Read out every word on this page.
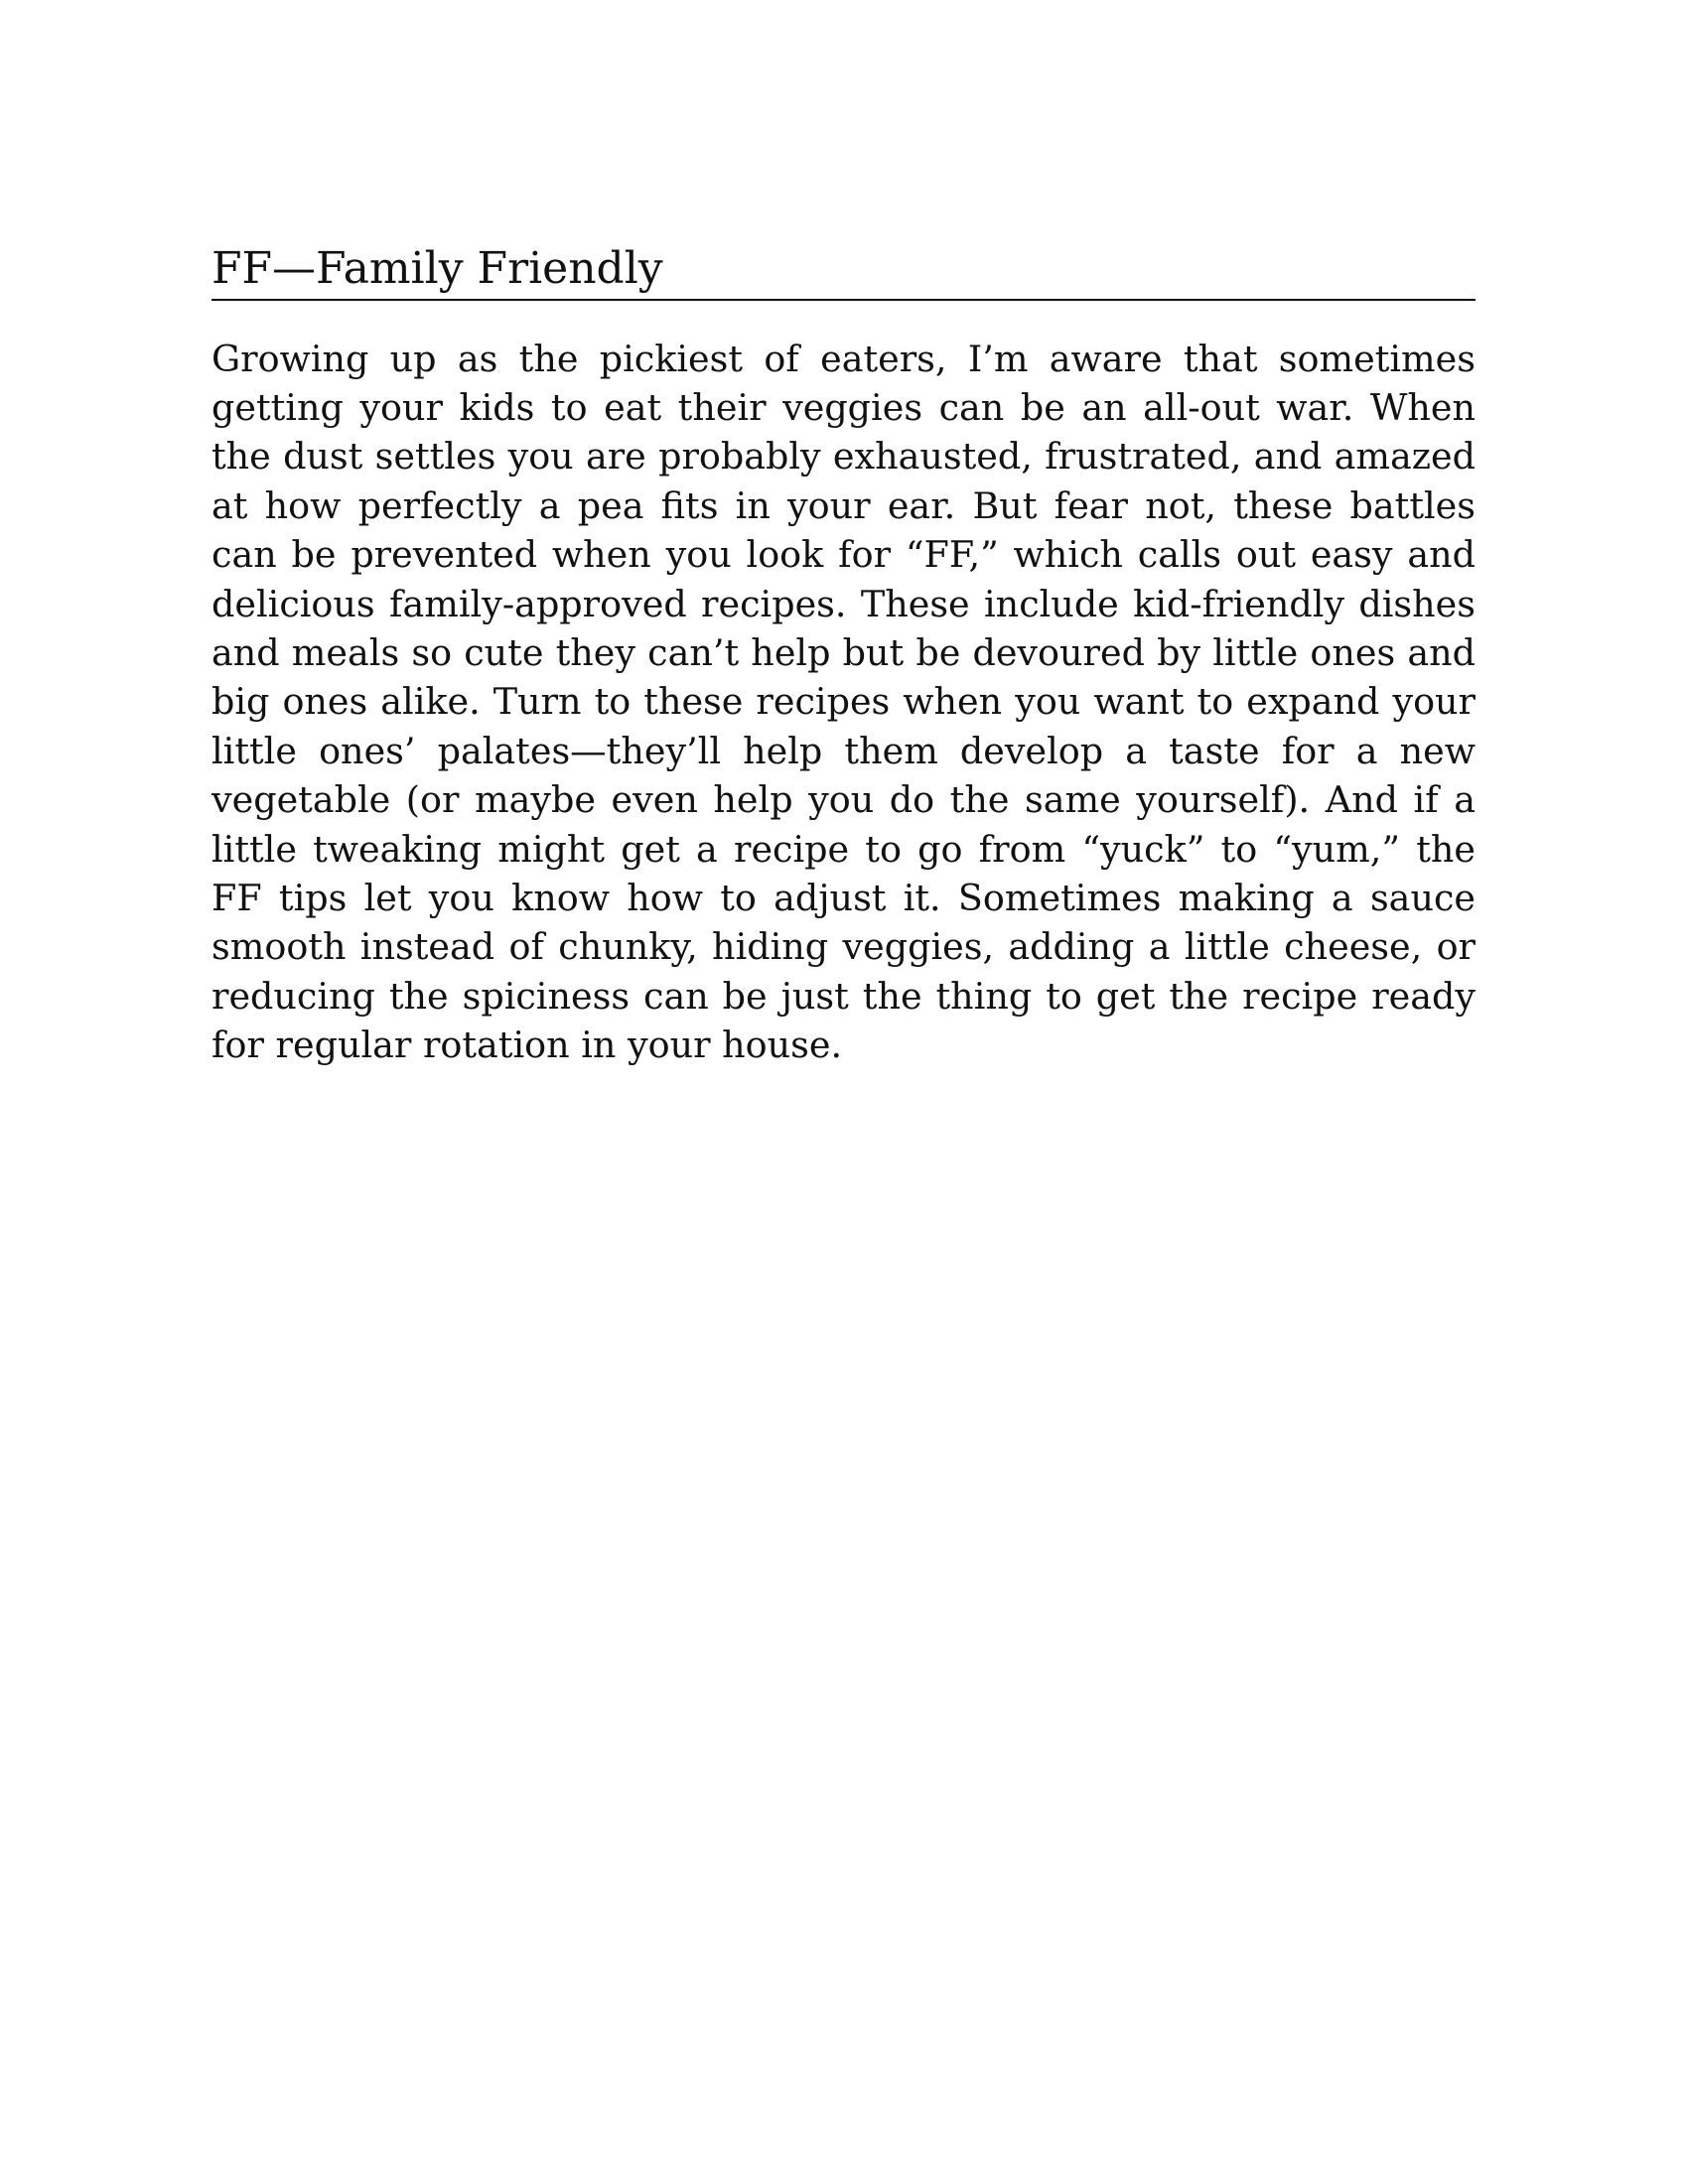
FF—Family Friendly

Growing up as the pickiest of eaters, I’m aware that sometimes getting your kids to eat their veggies can be an all-out war. When the dust settles you are probably exhausted, frustrated, and amazed at how perfectly a pea fits in your ear. But fear not, these battles can be prevented when you look for “FF,” which calls out easy and delicious family-approved recipes. These include kid-friendly dishes and meals so cute they can’t help but be devoured by little ones and big ones alike. Turn to these recipes when you want to expand your little ones’ palates—they’ll help them develop a taste for a new vegetable (or maybe even help you do the same yourself). And if a little tweaking might get a recipe to go from “yuck” to “yum,” the FF tips let you know how to adjust it. Sometimes making a sauce smooth instead of chunky, hiding veggies, adding a little cheese, or reducing the spiciness can be just the thing to get the recipe ready for regular rotation in your house.
